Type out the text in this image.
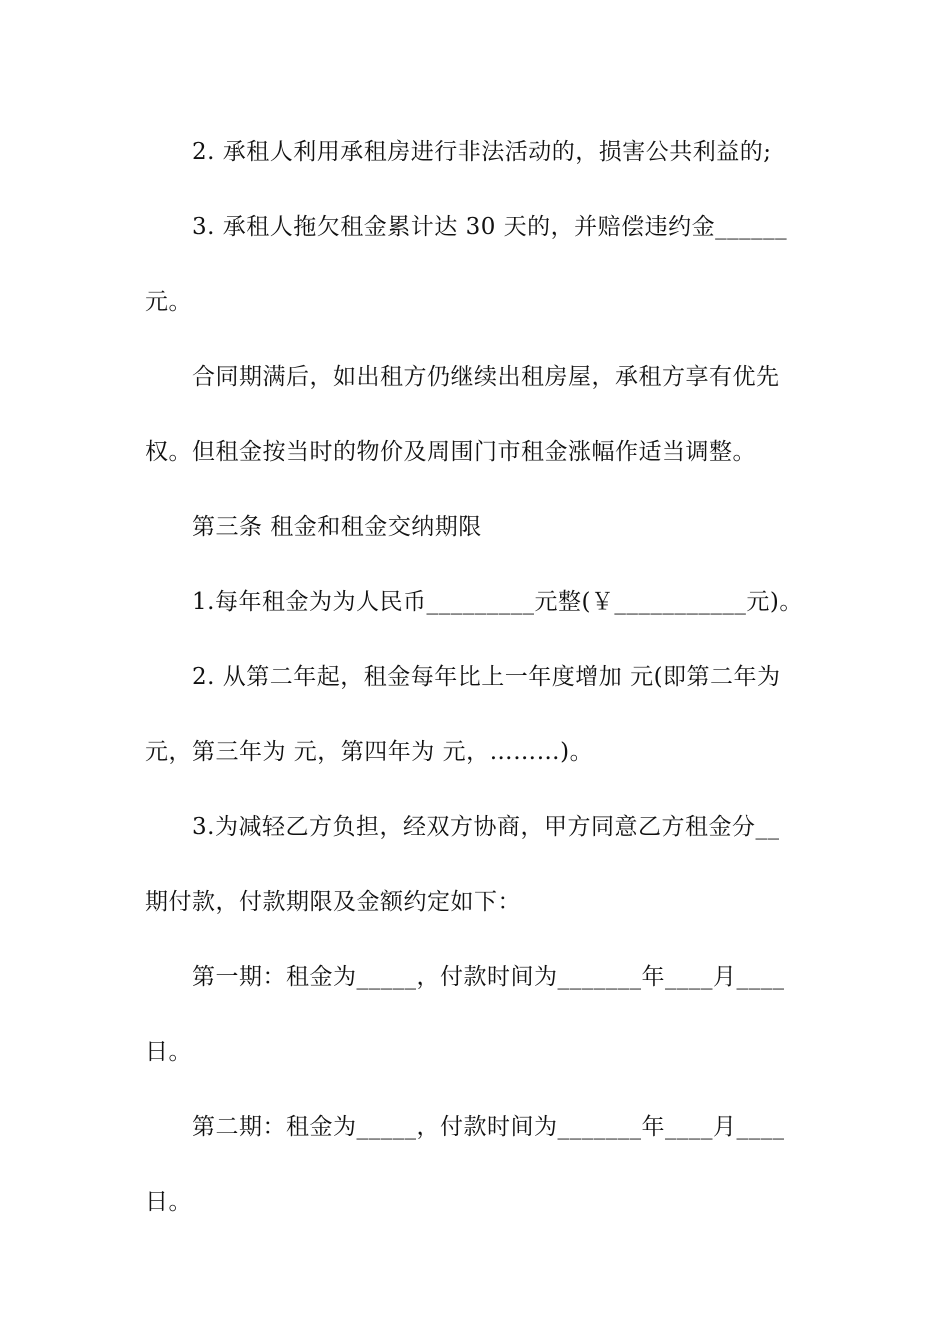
2. 承租人利用承租房进行非法活动的，损害公共利益的;
3. 承租人拖欠租金累计达 30 天的，并赔偿违约金______
元。
合同期满后，如出租方仍继续出租房屋，承租方享有优先
权。但租金按当时的物价及周围门市租金涨幅作适当调整。
第三条 租金和租金交纳期限
1.每年租金为为人民币_________元整(￥___________元)。
2. 从第二年起，租金每年比上一年度增加 元(即第二年为
元，第三年为 元，第四年为 元，………)。
3.为减轻乙方负担，经双方协商，甲方同意乙方租金分__
期付款，付款期限及金额约定如下：
第一期：租金为_____，付款时间为_______年____月____
日。
第二期：租金为_____，付款时间为_______年____月____
日。
